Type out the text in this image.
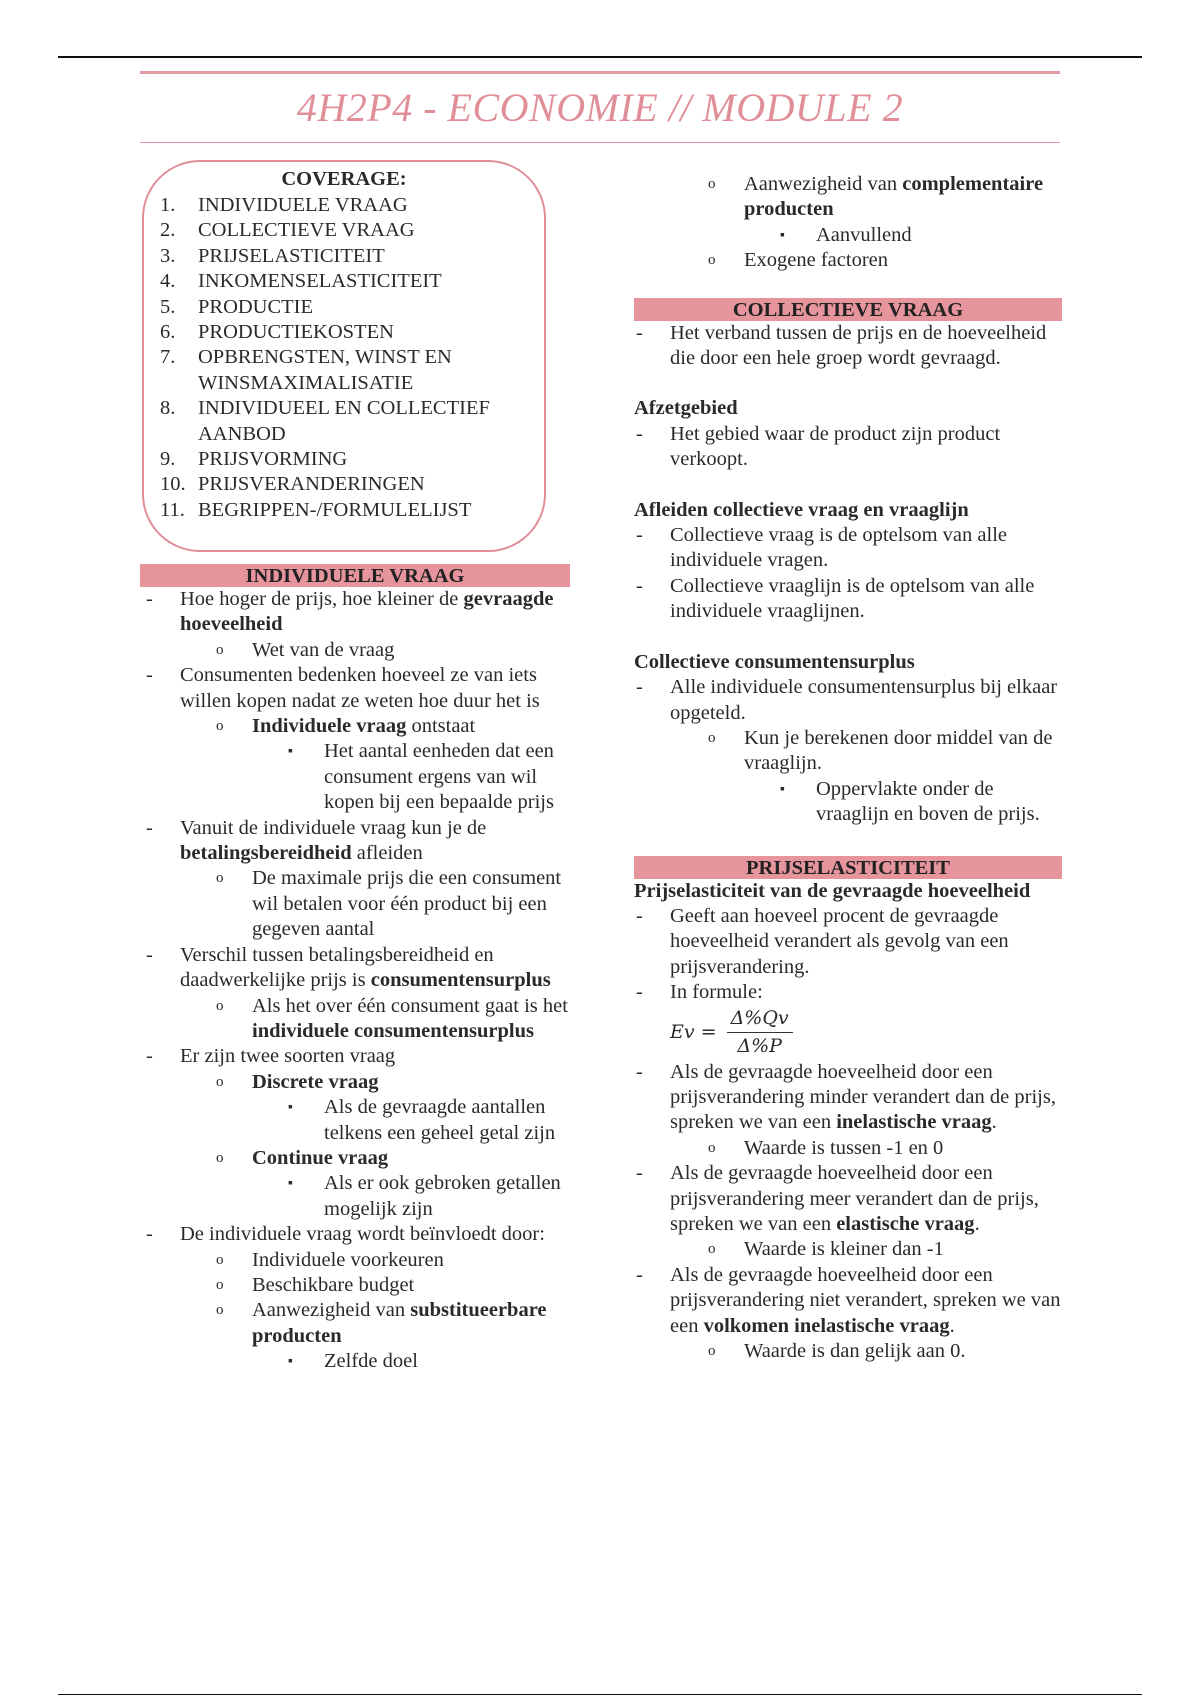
4H2P4 - ECONOMIE // MODULE 2
COVERAGE:
1.	INDIVIDUELE VRAAG
2.	COLLECTIEVE VRAAG
3.	PRIJSELASTICITEIT
4.	INKOMENSELASTICITEIT
5.	PRODUCTIE
6.	PRODUCTIEKOSTEN
7.	OPBRENGSTEN, WINST EN WINSMAXIMALISATIE
8.	INDIVIDUEEL EN COLLECTIEF AANBOD
9.	PRIJSVORMING
10. PRIJSVERANDERINGEN
11. BEGRIPPEN-/FORMULELIJST
INDIVIDUELE VRAAG
- Hoe hoger de prijs, hoe kleiner de gevraagde hoeveelheid
o Wet van de vraag
- Consumenten bedenken hoeveel ze van iets willen kopen nadat ze weten hoe duur het is
o Individuele vraag ontstaat
▪ Het aantal eenheden dat een consument ergens van wil kopen bij een bepaalde prijs
- Vanuit de individuele vraag kun je de betalingsbereidheid afleiden
o De maximale prijs die een consument wil betalen voor één product bij een gegeven aantal
- Verschil tussen betalingsbereidheid en daadwerkelijke prijs is consumentensurplus
o Als het over één consument gaat is het individuele consumentensurplus
- Er zijn twee soorten vraag
o Discrete vraag
▪ Als de gevraagde aantallen telkens een geheel getal zijn
o Continue vraag
▪ Als er ook gebroken getallen mogelijk zijn
- De individuele vraag wordt beïnvloedt door:
o Individuele voorkeuren
o Beschikbare budget
o Aanwezigheid van substitueerbare producten
▪ Zelfde doel
o Aanwezigheid van complementaire producten
▪ Aanvullend
o Exogene factoren
COLLECTIEVE VRAAG
- Het verband tussen de prijs en de hoeveelheid die door een hele groep wordt gevraagd.
Afzetgebied
- Het gebied waar de product zijn product verkoopt.
Afleiden collectieve vraag en vraaglijn
- Collectieve vraag is de optelsom van alle individuele vragen.
- Collectieve vraaglijn is de optelsom van alle individuele vraaglijnen.
Collectieve consumentensurplus
- Alle individuele consumentensurplus bij elkaar opgeteld.
o Kun je berekenen door middel van de vraaglijn.
▪ Oppervlakte onder de vraaglijn en boven de prijs.
PRIJSELASTICITEIT
Prijselasticiteit van de gevraagde hoeveelheid
- Geeft aan hoeveel procent de gevraagde hoeveelheid verandert als gevolg van een prijsverandering.
- In formule:
$Ev = \frac{\Delta\%Qv}{\Delta\%P}$
- Als de gevraagde hoeveelheid door een prijsverandering minder verandert dan de prijs, spreken we van een inelastische vraag.
o Waarde is tussen -1 en 0
- Als de gevraagde hoeveelheid door een prijsverandering meer verandert dan de prijs, spreken we van een elastische vraag.
o Waarde is kleiner dan -1
- Als de gevraagde hoeveelheid door een prijsverandering niet verandert, spreken we van een volkomen inelastische vraag.
o Waarde is dan gelijk aan 0.
